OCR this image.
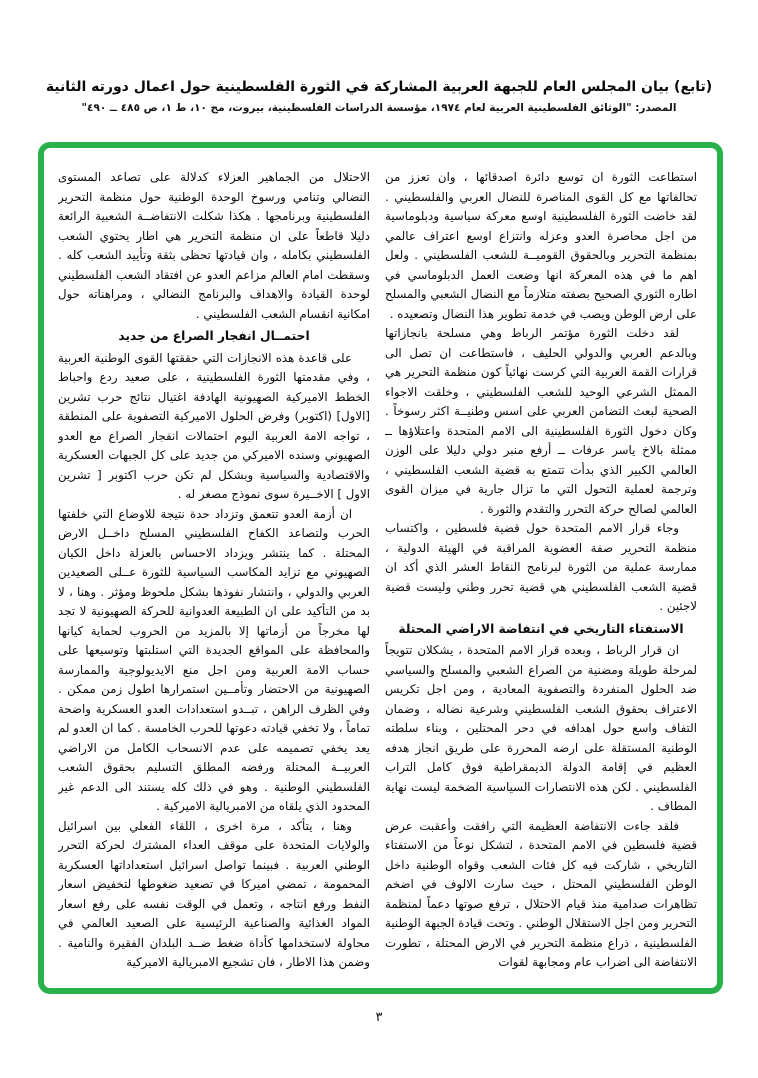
(تابع) بيان المجلس العام للجبهة العربية المشاركة في الثورة الفلسطينية حول اعمال دورته الثانية
المصدر: "الوثائق الفلسطينية العربية لعام ١٩٧٤، مؤسسة الدراسات الفلسطينية، بيروت، مج ١٠، ط ١، ص ٤٨٥ ــ ٤٩٠"

استطاعت الثورة ان توسع دائرة اصدقائها ، وان تعزز من تحالفاتها مع كل القوى المناصرة للنضال العربي والفلسطيني . لقد خاضت الثورة الفلسطينية اوسع معركة سياسية ودبلوماسية من اجل محاصرة العدو وعزله وانتزاع اوسع اعتراف عالمي بمنظمة التحرير وبالحقوق القوميــة للشعب الفلسطيني . ولعل اهم ما في هذه المعركة انها وضعت العمل الدبلوماسي في اطاره الثوري الصحيح بصفته متلازماً مع النضال الشعبي والمسلح على ارض الوطن ويصب في خدمة تطوير هذا النضال وتصعيده .

لقد دخلت الثورة مؤتمر الرباط وهي مسلحة بانجازاتها وبالدعم العربي والدولي الحليف ، فاستطاعت ان تصل الى قرارات القمة العربية التي كرست نهائياً كون منظمة التحرير هي الممثل الشرعي الوحيد للشعب الفلسطيني ، وخلقت الاجواء الصحية لبعث التضامن العربي على اسس وطنيــة اكثر رسوخاً . وكان دخول الثورة الفلسطينية الى الامم المتحدة واعتلاؤها ــ ممثلة بالاخ ياسر عرفات ــ أرفع منبر دولي دليلا على الوزن العالمي الكبير الذي بدأت تتمتع به قضية الشعب الفلسطيني ، وترجمة لعملية التحول التي ما تزال جارية في ميزان القوى العالمي لصالح حركة التحرر والتقدم والثورة .

وجاء قرار الامم المتحدة حول قضية فلسطين ، واكتساب منظمة التحرير صفة العضوية المراقبة في الهيئة الدولية ، ممارسة عملية من الثورة لبرنامج النقاط العشر الذي أكد ان قضية الشعب الفلسطيني هي قضية تحرر وطني وليست قضية لاجئين .

الاستفتاء التاريخي في انتفاضة الاراضي المحتلة

ان قرار الرباط ، وبعده قرار الامم المتحدة ، يشكلان تتويجاً لمرحلة طويلة ومضنية من الصراع الشعبي والمسلح والسياسي ضد الحلول المنفردة والتصفوية المعادية ، ومن اجل تكريس الاعتراف بحقوق الشعب الفلسطيني وشرعية نضاله ، وضمان التفاف واسع حول اهدافه في دحر المحتلين ، وبناء سلطته الوطنية المستقلة على ارضه المحررة على طريق انجاز هدفه العظيم في إقامة الدولة الديمقراطية فوق كامل التراب الفلسطيني . لكن هذه الانتصارات السياسية الضخمة ليست نهاية المطاف .

فلقد جاءت الانتفاضة العظيمة التي رافقت وأعقبت عرض قضية فلسطين في الامم المتحدة ، لتشكل نوعاً من الاستفتاء التاريخي ، شاركت فيه كل فئات الشعب وقواه الوطنية داخل الوطن الفلسطيني المحتل ، حيث سارت الالوف في اضخم تظاهرات صدامية منذ قيام الاحتلال ، ترفع صوتها دعماً لمنظمة التحرير ومن اجل الاستقلال الوطني . وتحت قيادة الجبهة الوطنية الفلسطينية ، ذراع منظمة التحرير في الارض المحتلة ، تطورت الانتفاضة الى اضراب عام ومجابهة لقوات

الاحتلال من الجماهير العزلاء كدلالة على تصاعد المستوى النضالي وتنامي ورسوخ الوحدة الوطنية حول منظمة التحرير الفلسطينية وبرنامجها . هكذا شكلت الانتفاضــة الشعبية الرائعة دليلا قاطعاً على ان منظمة التحرير هي اطار يحتوي الشعب الفلسطيني بكامله ، وان قيادتها تحظى بثقة وتأييد الشعب كله . وسقطت امام العالم مزاعم العدو عن افتقاد الشعب الفلسطيني لوحدة القيادة والاهداف والبرنامج النضالي ، ومراهناته حول امكانية انقسام الشعب الفلسطيني .

احتمــال انفجار الصراع من جديد

على قاعدة هذه الانجازات التي حققتها القوى الوطنية العربية ، وفي مقدمتها الثورة الفلسطينية ، على صعيد ردع واحباط الخطط الاميركية الصهيونية الهادفة اغتيال نتائج حرب تشرين [الاول] (اكتوبر) وفرض الحلول الاميركية التصفوية على المنطقة ، تواجه الامة العربية اليوم احتمالات انفجار الصراع مع العدو الصهيوني وسنده الاميركي من جديد على كل الجبهات العسكرية والاقتصادية والسياسية وبشكل لم تكن حرب اكتوبر [ تشرين الاول ] الاخــيرة سوى نموذج مصغر له .

ان أزمة العدو تتعمق وتزداد حدة نتيجة للاوضاع التي خلفتها الحرب ولتصاعد الكفاح الفلسطيني المسلح داخــل الارض المحتلة . كما ينتشر ويزداد الاحساس بالعزلة داخل الكيان الصهيوني مع تزايد المكاسب السياسية للثورة عــلى الصعيدين العربي والدولي ، وانتشار نفوذها بشكل ملحوظ ومؤثر . وهنا ، لا بد من التأكيد على ان الطبيعة العدوانية للحركة الصهيونية لا تجد لها مخرجاً من أزماتها إلا بالمزيد من الحروب لحماية كيانها والمحافظة على المواقع الجديدة التي استلبتها وتوسيعها على حساب الامة العربية ومن اجل منع الايديولوجية والممارسة الصهيونية من الاحتضار وتأمــين استمرارها اطول زمن ممكن . وفي الظرف الراهن ، تبــدو استعدادات العدو العسكرية واضحة تماماً ، ولا تخفي قيادته دعوتها للحرب الخامسة . كما ان العدو لم يعد يخفي تصميمه على عدم الانسحاب الكامل من الاراضي العربيــة المحتلة ورفضه المطلق التسليم بحقوق الشعب الفلسطيني الوطنية . وهو في ذلك كله يستند الى الدعم غير المحدود الذي يلقاه من الامبريالية الاميركية .

وهنا ، يتأكد ، مرة اخرى ، اللقاء الفعلي بين اسرائيل والولايات المتحدة على موقف العداء المشترك لحركة التحرر الوطني العربية . فبينما تواصل اسرائيل استعداداتها العسكرية المحمومة ، تمضي اميركا في تصعيد ضغوطها لتخفيض اسعار النفط ورفع انتاجه ، وتعمل في الوقت نفسه على رفع اسعار المواد الغذائية والصناعية الرئيسية على الصعيد العالمي في محاولة لاستخدامها كأداة ضغط ضــد البلدان الفقيرة والنامية . وضمن هذا الاطار ، فان تشجيع الامبريالية الاميركية

٣
